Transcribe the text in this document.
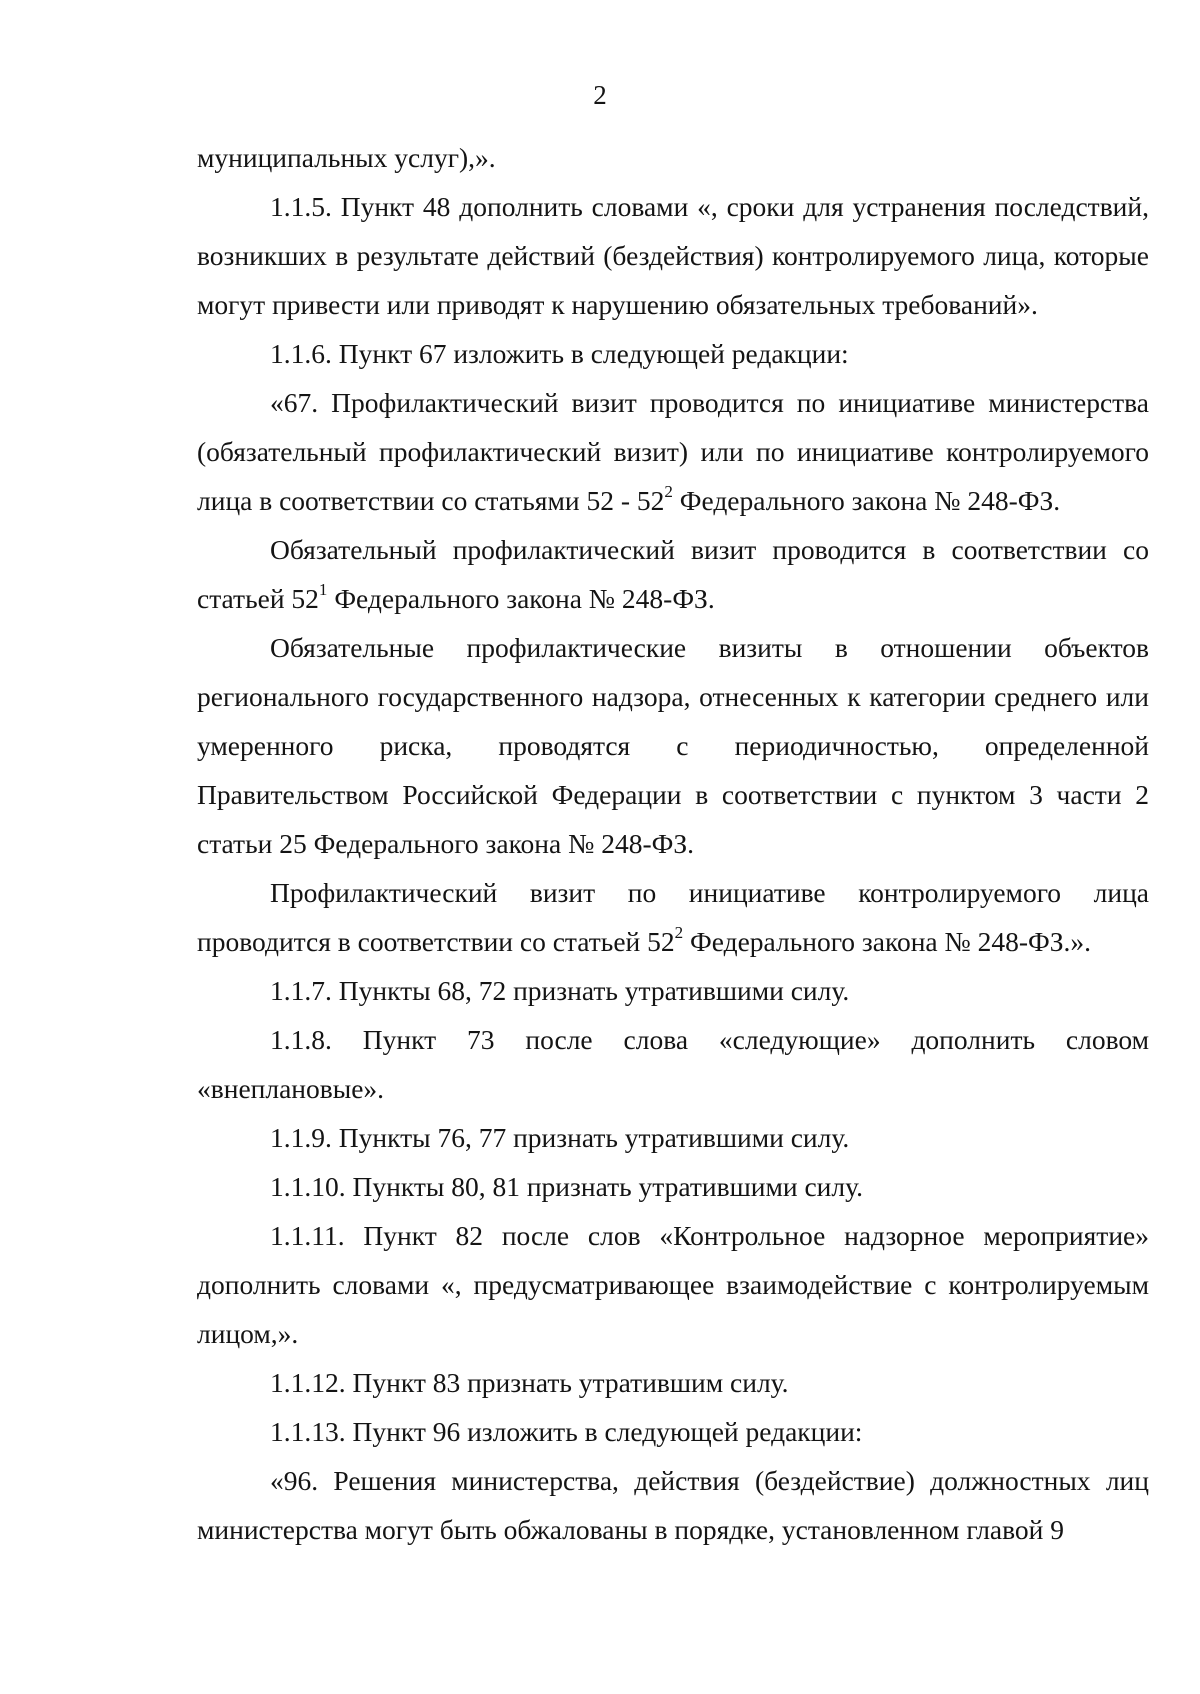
2

муниципальных услуг),».

1.1.5. Пункт 48 дополнить словами «, сроки для устранения последствий, возникших в результате действий (бездействия) контролируемого лица, которые могут привести или приводят к нарушению обязательных требований».

1.1.6. Пункт 67 изложить в следующей редакции:

«67. Профилактический визит проводится по инициативе министерства (обязательный профилактический визит) или по инициативе контролируемого лица в соответствии со статьями $52 - 52^2$ Федерального закона № 248-ФЗ.

Обязательный профилактический визит проводится в соответствии со статьей $52^1$ Федерального закона № 248-ФЗ.

Обязательные профилактические визиты в отношении объектов регионального государственного надзора, отнесенных к категории среднего или умеренного риска, проводятся с периодичностью, определенной Правительством Российской Федерации в соответствии с пунктом 3 части 2 статьи 25 Федерального закона № 248-ФЗ.

Профилактический визит по инициативе контролируемого лица проводится в соответствии со статьей $52^2$ Федерального закона № 248-ФЗ.».

1.1.7. Пункты 68, 72 признать утратившими силу.

1.1.8. Пункт 73 после слова «следующие» дополнить словом «внеплановые».

1.1.9. Пункты 76, 77 признать утратившими силу.

1.1.10. Пункты 80, 81 признать утратившими силу.

1.1.11. Пункт 82 после слов «Контрольное надзорное мероприятие» дополнить словами «, предусматривающее взаимодействие с контролируемым лицом,».

1.1.12. Пункт 83 признать утратившим силу.

1.1.13. Пункт 96 изложить в следующей редакции:

«96. Решения министерства, действия (бездействие) должностных лиц министерства могут быть обжалованы в порядке, установленном главой 9
